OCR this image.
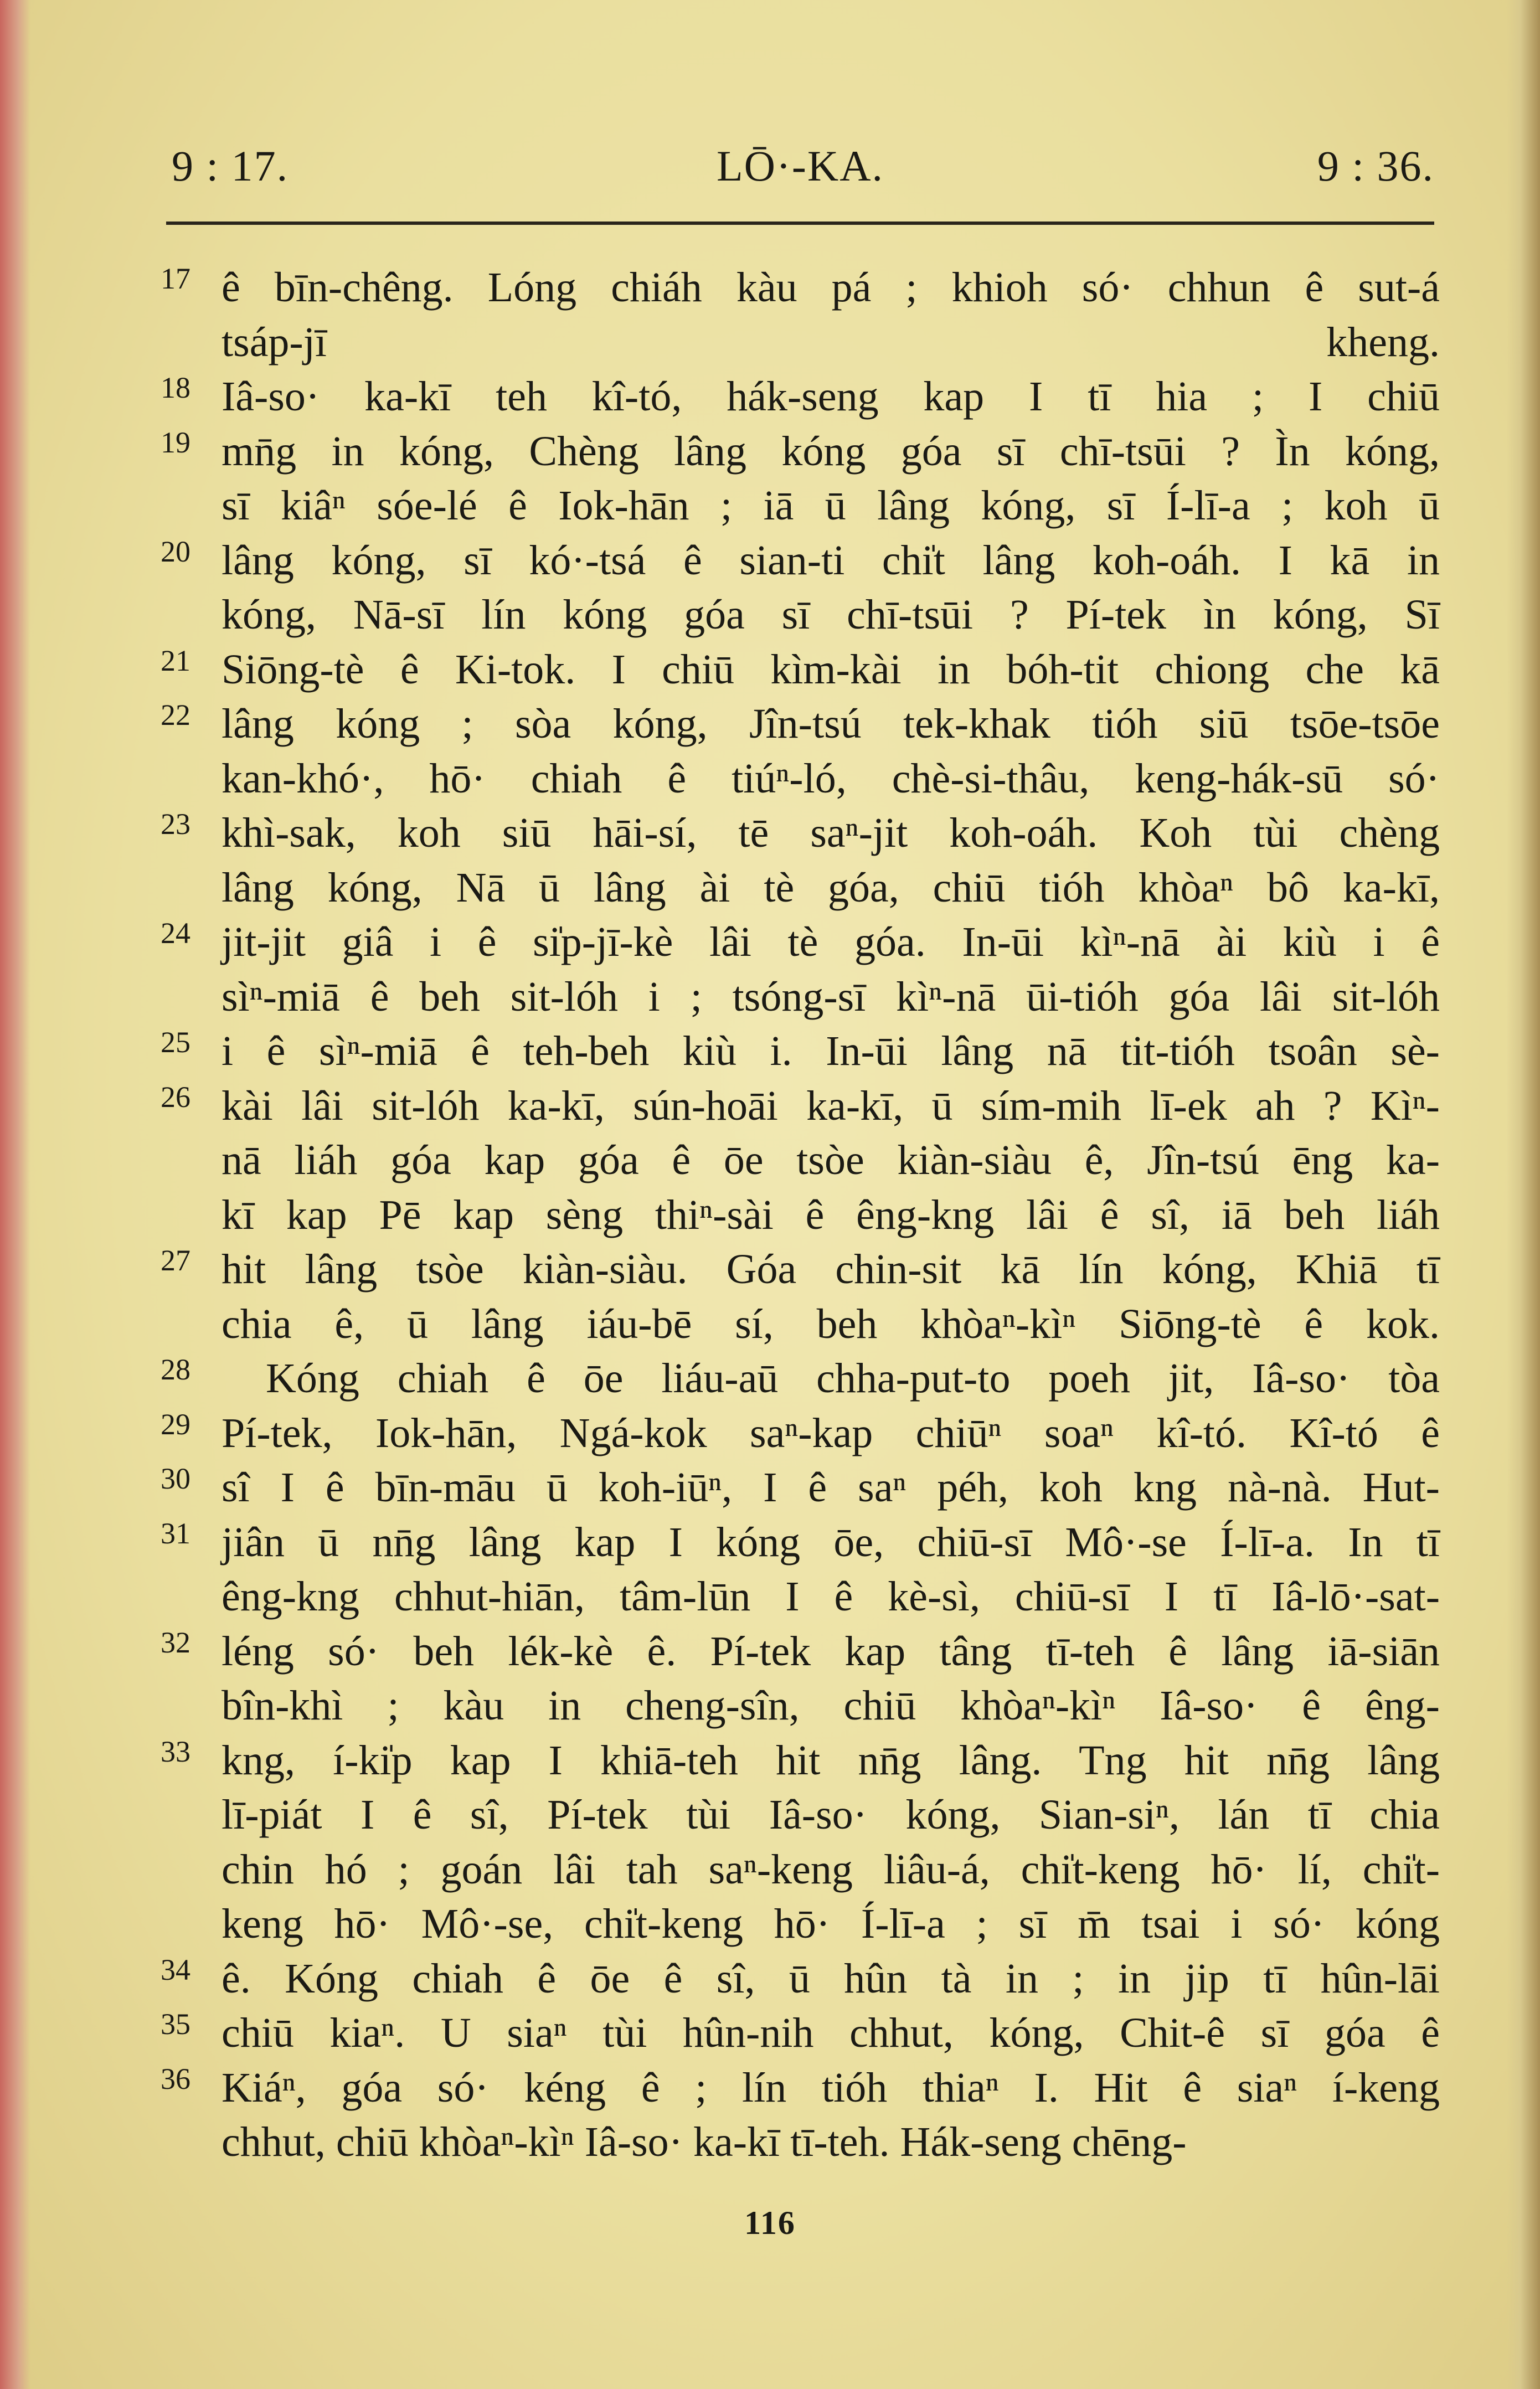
LŌ·-KA.
9 : 17.	9 : 36.
17 ê bīn-chêng. Lóng chiáh kàu pá ; khioh só· chhun ê sut-á
tsáp-jī kheng.
18 Iâ-so· ka-kī teh kî-tó, hák-seng kap I tī hia ; I chiū
19 mn̄g in kóng, Chèng lâng kóng góa sī chī-tsūi ? Ìn kóng,
sī kiâⁿ sóe-lé ê Iok-hān ; iā ū lâng kóng, sī Í-lī-a ; koh ū
20 lâng kóng, sī kó·-tsá ê sian-ti chi̍t lâng koh-oáh. I kā in
kóng, Nā-sī lín kóng góa sī chī-tsūi ? Pí-tek ìn kóng, Sī
21 Siōng-tè ê Ki-tok. I chiū kìm-kài in bóh-tit chiong che kā
22 lâng kóng ; sòa kóng, Jîn-tsú tek-khak tióh siū tsōe-tsōe
kan-khó·, hō· chiah ê tiúⁿ-ló, chè-si-thâu, keng-hák-sū só·
23 khì-sak, koh siū hāi-sí, tē saⁿ-jit koh-oáh. Koh tùi chèng
lâng kóng, Nā ū lâng ài tè góa, chiū tióh khòaⁿ bô ka-kī,
24 jit-jit giâ i ê si̍p-jī-kè lâi tè góa. In-ūi kìⁿ-nā ài kiù i ê
sìⁿ-miā ê beh sit-lóh i ; tsóng-sī kìⁿ-nā ūi-tióh góa lâi sit-lóh
25 i ê sìⁿ-miā ê teh-beh kiù i. In-ūi lâng nā tit-tióh tsoân sè-
26 kài lâi sit-lóh ka-kī, sún-hoāi ka-kī, ū sím-mih lī-ek ah ? Kìⁿ-
nā liáh góa kap góa ê ōe tsòe kiàn-siàu ê, Jîn-tsú ēng ka-
kī kap Pē kap sèng thiⁿ-sài ê êng-kng lâi ê sî, iā beh liáh
27 hit lâng tsòe kiàn-siàu. Góa chin-sit kā lín kóng, Khiā tī
chia ê, ū lâng iáu-bē sí, beh khòaⁿ-kìⁿ Siōng-tè ê kok.
28	Kóng chiah ê ōe liáu-aū chha-put-to poeh jit, Iâ-so· tòa
29 Pí-tek, Iok-hān, Ngá-kok saⁿ-kap chiūⁿ soaⁿ kî-tó. Kî-tó ê
30 sî I ê bīn-māu ū koh-iūⁿ, I ê saⁿ péh, koh kng nà-nà. Hut-
31 jiân ū nn̄g lâng kap I kóng ōe, chiū-sī Mô·-se Í-lī-a. In tī
êng-kng chhut-hiān, tâm-lūn I ê kè-sì, chiū-sī I tī Iâ-lō·-sat-
32 léng só· beh lék-kè ê. Pí-tek kap tâng tī-teh ê lâng iā-siān
bîn-khì ; kàu in cheng-sîn, chiū khòaⁿ-kìⁿ Iâ-so· ê êng-
33 kng, í-ki̍p kap I khiā-teh hit nn̄g lâng. Tng hit nn̄g lâng
lī-piát I ê sî, Pí-tek tùi Iâ-so· kóng, Sian-siⁿ, lán tī chia
chin hó ; goán lâi tah saⁿ-keng liâu-á, chi̍t-keng hō· lí, chi̍t-
keng hō· Mô·-se, chi̍t-keng hō· Í-lī-a ; sī m̄ tsai i só· kóng
34 ê. Kóng chiah ê ōe ê sî, ū hûn tà in ; in jip tī hûn-lāi
35 chiū kiaⁿ. U siaⁿ tùi hûn-nih chhut, kóng, Chit-ê sī góa ê
36 Kiáⁿ, góa só· kéng ê ; lín tióh thiaⁿ I. Hit ê siaⁿ í-keng
chhut, chiū khòaⁿ-kìⁿ Iâ-so· ka-kī tī-teh. Hák-seng chēng-
116
